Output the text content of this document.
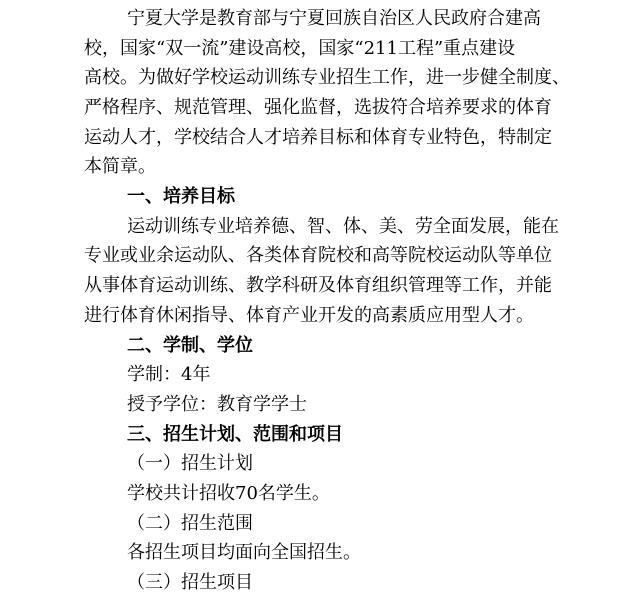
宁夏大学是教育部与宁夏回族自治区人民政府合建高
校，国家“双一流”建设高校，国家“211工程”重点建设
高校。为做好学校运动训练专业招生工作，进一步健全制度、
严格程序、规范管理、强化监督，选拔符合培养要求的体育
运动人才，学校结合人才培养目标和体育专业特色，特制定
本简章。
一、培养目标
运动训练专业培养德、智、体、美、劳全面发展，能在
专业或业余运动队、各类体育院校和高等院校运动队等单位
从事体育运动训练、教学科研及体育组织管理等工作，并能
进行体育休闲指导、体育产业开发的高素质应用型人才。
二、学制、学位
学制：4年
授予学位：教育学学士
三、招生计划、范围和项目
（一）招生计划
学校共计招收70名学生。
（二）招生范围
各招生项目均面向全国招生。
（三）招生项目
